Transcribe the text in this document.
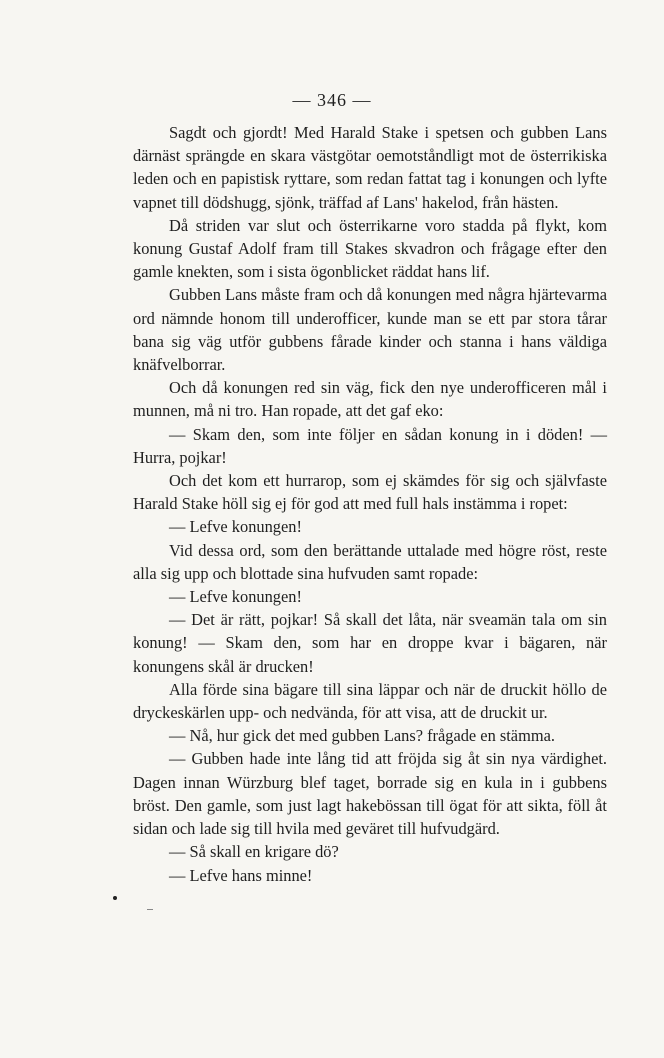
— 346 —

Sagdt och gjordt! Med Harald Stake i spetsen och gubben Lans därnäst sprängde en skara västgötar oemotståndligt mot de österrikiska leden och en papistisk ryttare, som redan fattat tag i konungen och lyfte vapnet till dödshugg, sjönk, träffad af Lans' hakelod, från hästen.

Då striden var slut och österrikarne voro stadda på flykt, kom konung Gustaf Adolf fram till Stakes skvadron och frågage efter den gamle knekten, som i sista ögonblicket räddat hans lif.

Gubben Lans måste fram och då konungen med några hjärtevarma ord nämnde honom till underofficer, kunde man se ett par stora tårar bana sig väg utför gubbens fårade kinder och stanna i hans väldiga knäfvelborrar.

Och då konungen red sin väg, fick den nye underofficeren mål i munnen, må ni tro. Han ropade, att det gaf eko:

— Skam den, som inte följer en sådan konung in i döden! — Hurra, pojkar!

Och det kom ett hurrarop, som ej skämdes för sig och självfaste Harald Stake höll sig ej för god att med full hals instämma i ropet:

— Lefve konungen!

Vid dessa ord, som den berättande uttalade med högre röst, reste alla sig upp och blottade sina hufvuden samt ropade:

— Lefve konungen!

— Det är rätt, pojkar! Så skall det låta, när sveamän tala om sin konung! — Skam den, som har en droppe kvar i bägaren, när konungens skål är drucken!

Alla förde sina bägare till sina läppar och när de druckit höllo de dryckeskärlen upp- och nedvända, för att visa, att de druckit ur.

— Nå, hur gick det med gubben Lans? frågade en stämma.

— Gubben hade inte lång tid att fröjda sig åt sin nya värdighet. Dagen innan Würzburg blef taget, borrade sig en kula in i gubbens bröst. Den gamle, som just lagt hakebössan till ögat för att sikta, föll åt sidan och lade sig till hvila med geväret till hufvudgärd.

— Så skall en krigare dö?

— Lefve hans minne!
